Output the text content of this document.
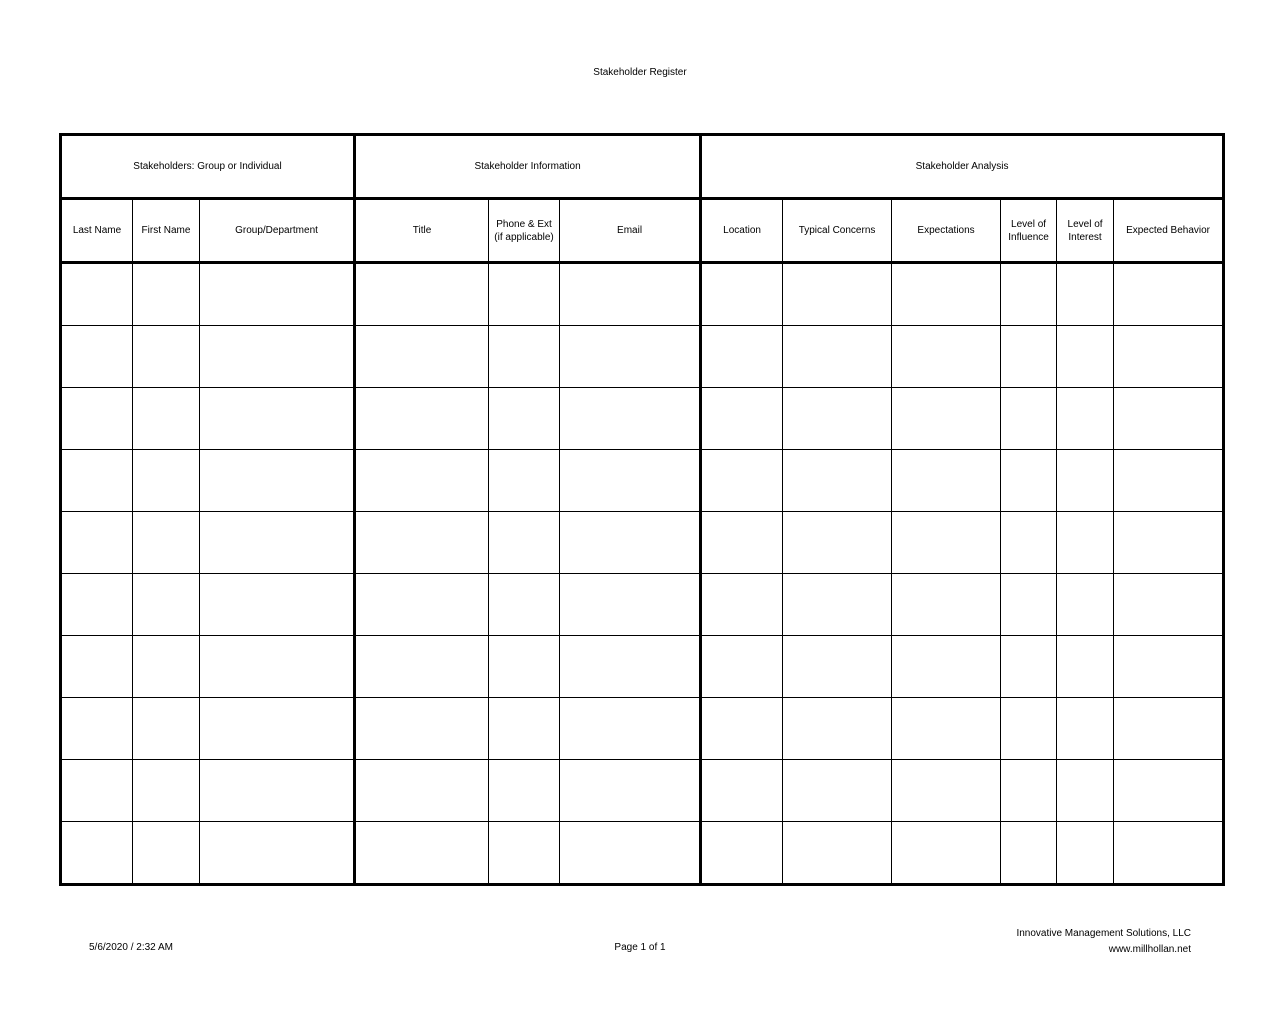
Stakeholder Register
Stakeholders: Group or Individual			Stakeholder Information			Stakeholder Analysis					
Last Name	First Name	Group/Department	Title	Phone & Ext (if applicable)	Email	Location	Typical Concerns	Expectations	Level of Influence	Level of Interest	Expected Behavior

5/6/2020 / 2:32 AM	Page 1 of 1
Innovative Management Solutions, LLC
www.millhollan.net
